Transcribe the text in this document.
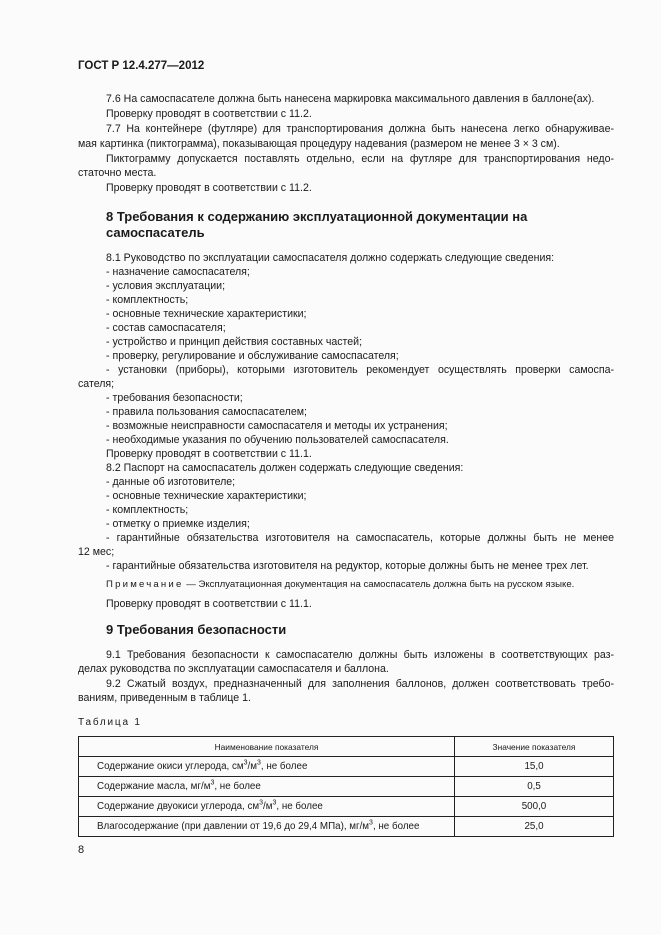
ГОСТ Р 12.4.277—2012
7.6 На самоспасателе должна быть нанесена маркировка максимального давления в баллоне(ах).
Проверку проводят в соответствии с 11.2.
7.7 На контейнере (футляре) для транспортирования должна быть нанесена легко обнаруживае-
мая картинка (пиктограмма), показывающая процедуру надевания (размером не менее 3 × 3 см).
Пиктограмму допускается поставлять отдельно, если на футляре для транспортирования недо-
статочно места.
Проверку проводят в соответствии с 11.2.
8 Требования к содержанию эксплуатационной документации на
самоспасатель
8.1 Руководство по эксплуатации самоспасателя должно содержать следующие сведения:
- назначение самоспасателя;
- условия эксплуатации;
- комплектность;
- основные технические характеристики;
- состав самоспасателя;
- устройство и принцип действия составных частей;
- проверку, регулирование и обслуживание самоспасателя;
- установки (приборы), которыми изготовитель рекомендует осуществлять проверки самоспа-
сателя;
- требования безопасности;
- правила пользования самоспасателем;
- возможные неисправности самоспасателя и методы их устранения;
- необходимые указания по обучению пользователей самоспасателя.
Проверку проводят в соответствии с 11.1.
8.2 Паспорт на самоспасатель должен содержать следующие сведения:
- данные об изготовителе;
- основные технические характеристики;
- комплектность;
- отметку о приемке изделия;
- гарантийные обязательства изготовителя на самоспасатель, которые должны быть не менее
12 мес;
- гарантийные обязательства изготовителя на редуктор, которые должны быть не менее трех лет.
Примечание — Эксплуатационная документация на самоспасатель должна быть на русском языке.
Проверку проводят в соответствии с 11.1.
9 Требования безопасности
9.1 Требования безопасности к самоспасателю должны быть изложены в соответствующих раз-
делах руководства по эксплуатации самоспасателя и баллона.
9.2 Сжатый воздух, предназначенный для заполнения баллонов, должен соответствовать требо-
ваниям, приведенным в таблице 1.
Таблица 1
Наименование показателя	Значение показателя
Содержание окиси углерода, $см^3/м^3$, не более	15,0
Содержание масла, $мг/м^3$, не более	0,5
Содержание двуокиси углерода, $см^3/м^3$, не более	500,0
Влагосодержание (при давлении от 19,6 до 29,4 МПа), $мг/м^3$, не более	25,0
8
